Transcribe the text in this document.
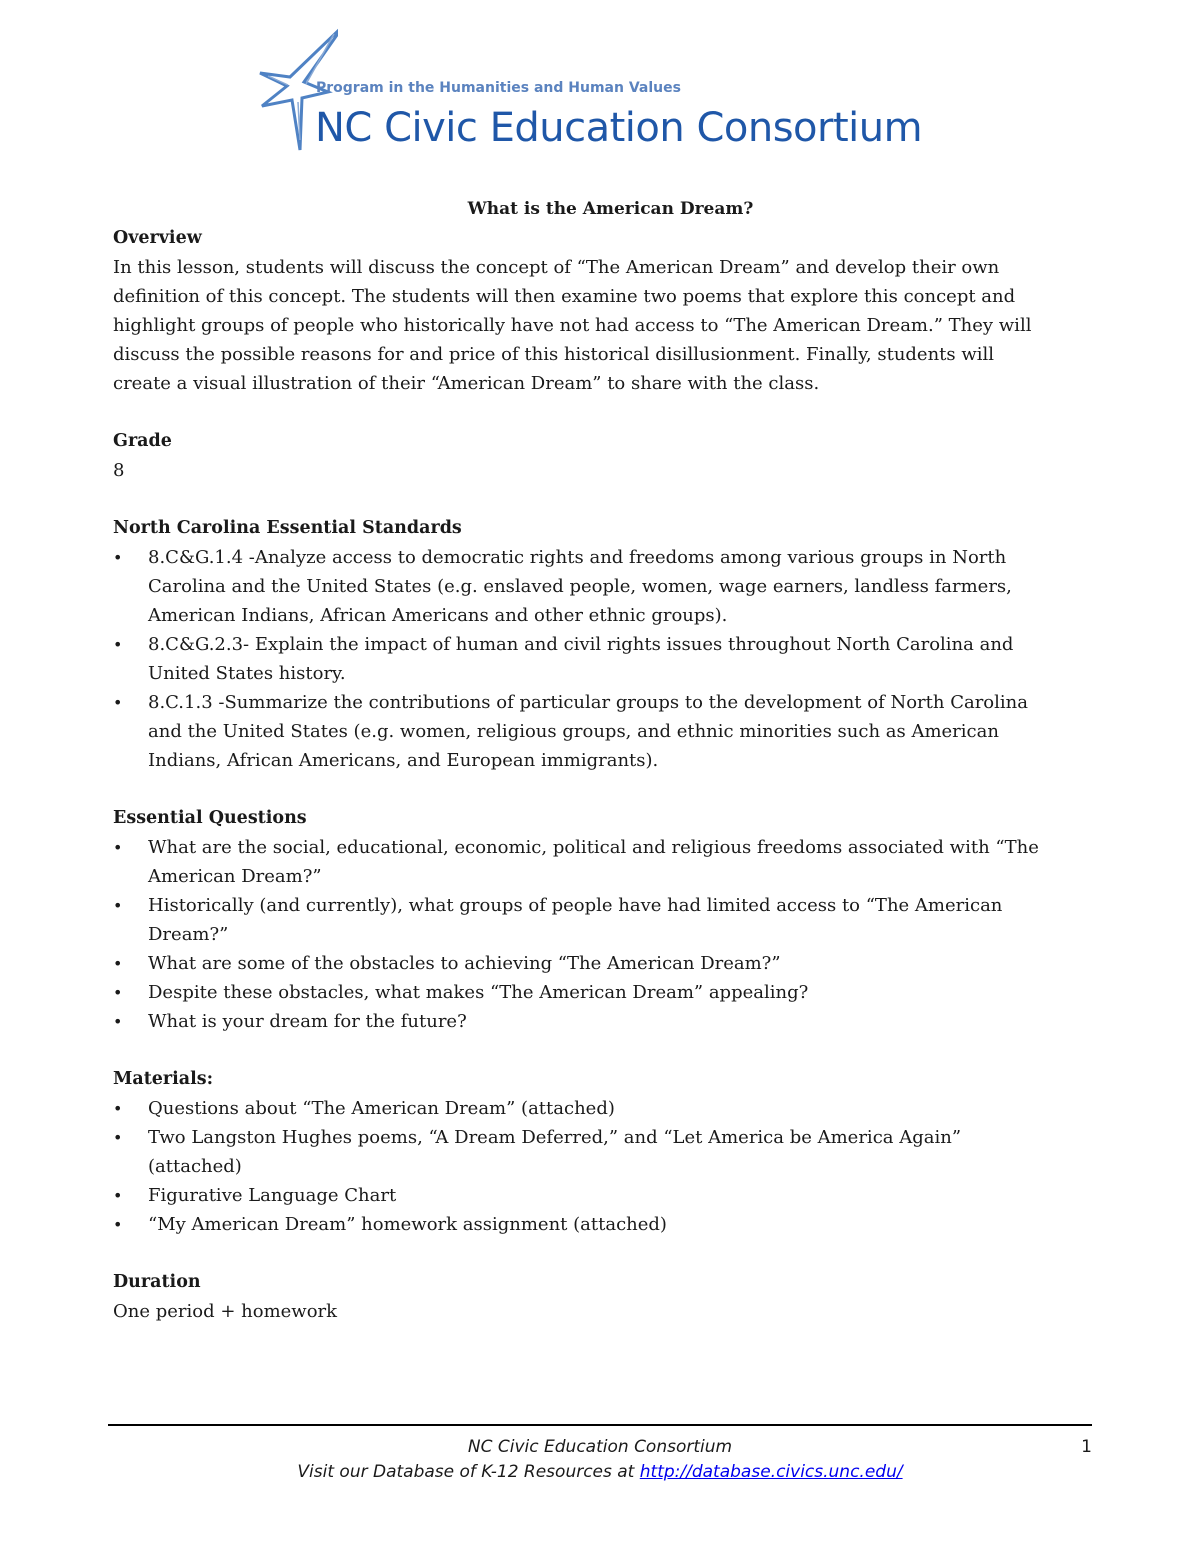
Program in the Humanities and Human Values

NC Civic Education Consortium

What is the American Dream?
Overview

In this lesson, students will discuss the concept of “The American Dream” and develop their own
definition of this concept. The students will then examine two poems that explore this concept and
highlight groups of people who historically have not had access to “The American Dream.” They will
discuss the possible reasons for and price of this historical disillusionment. Finally, students will
create a visual illustration of their “American Dream” to share with the class.

Grade

8

North Carolina Essential Standards
• 8.C&G.1.4 -Analyze access to democratic rights and freedoms among various groups in North
Carolina and the United States (e.g. enslaved people, women, wage earners, landless farmers,
American Indians, African Americans and other ethnic groups).
• 8.C&G.2.3- Explain the impact of human and civil rights issues throughout North Carolina and
United States history.
• 8.C.1.3 -Summarize the contributions of particular groups to the development of North Carolina
and the United States (e.g. women, religious groups, and ethnic minorities such as American
Indians, African Americans, and European immigrants).
Essential Questions
• What are the social, educational, economic, political and religious freedoms associated with “The
American Dream?”
• Historically (and currently), what groups of people have had limited access to “The American
Dream?”
• What are some of the obstacles to achieving “The American Dream?”
• Despite these obstacles, what makes “The American Dream” appealing?
• What is your dream for the future?
Materials:
• Questions about “The American Dream” (attached)
• Two Langston Hughes poems, “A Dream Deferred,” and “Let America be America Again”
(attached)
• Figurative Language Chart
• “My American Dream” homework assignment (attached)
Duration

One period + homework

NC Civic Education Consortium	1
Visit our Database of K-12 Resources at http://database.civics.unc.edu/
